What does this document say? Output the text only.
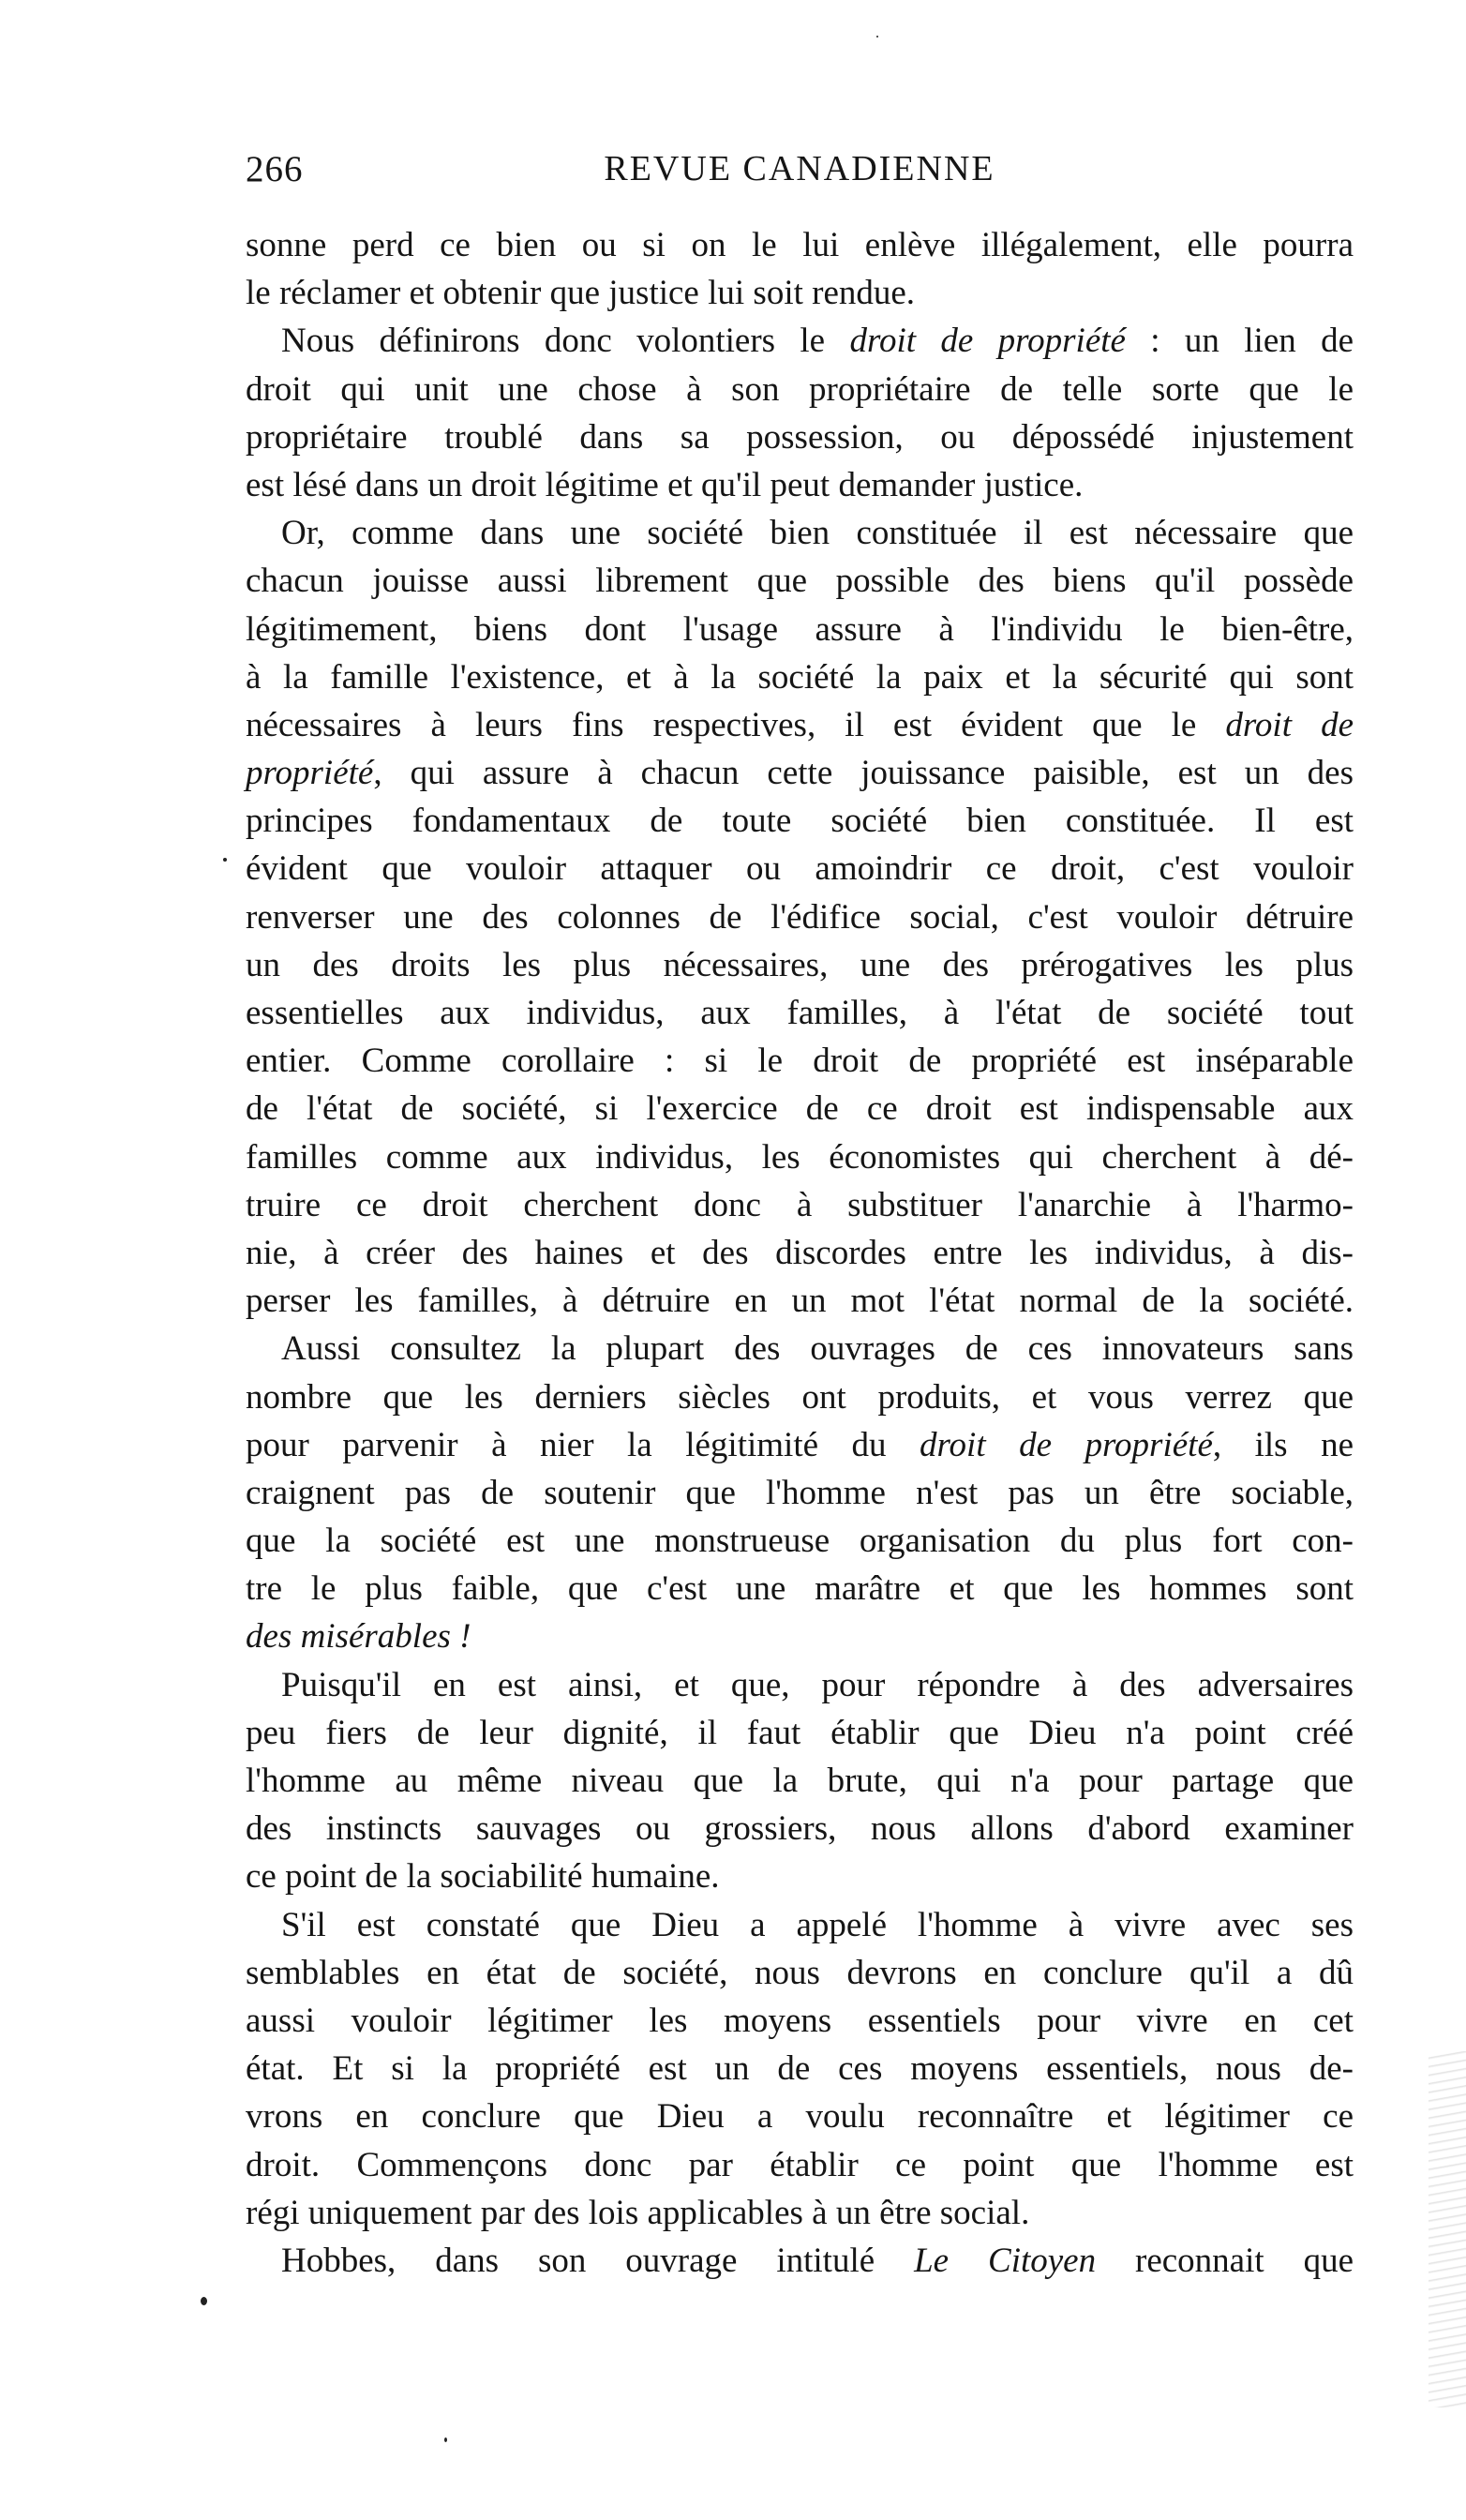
266	REVUE CANADIENNE
sonne perd ce bien ou si on le lui enlève illégalement, elle pourra
le réclamer et obtenir que justice lui soit rendue.
Nous définirons donc volontiers le droit de propriété : un lien de
droit qui unit une chose à son propriétaire de telle sorte que le
propriétaire troublé dans sa possession, ou dépossédé injustement
est lésé dans un droit légitime et qu'il peut demander justice.
Or, comme dans une société bien constituée il est nécessaire que
chacun jouisse aussi librement que possible des biens qu'il possède
légitimement, biens dont l'usage assure à l'individu le bien-être,
à la famille l'existence, et à la société la paix et la sécurité qui sont
nécessaires à leurs fins respectives, il est évident que le droit de
propriété, qui assure à chacun cette jouissance paisible, est un des
principes fondamentaux de toute société bien constituée. Il est
évident que vouloir attaquer ou amoindrir ce droit, c'est vouloir
renverser une des colonnes de l'édifice social, c'est vouloir détruire
un des droits les plus nécessaires, une des prérogatives les plus
essentielles aux individus, aux familles, à l'état de société tout
entier. Comme corollaire : si le droit de propriété est inséparable
de l'état de société, si l'exercice de ce droit est indispensable aux
familles comme aux individus, les économistes qui cherchent à dé-
truire ce droit cherchent donc à substituer l'anarchie à l'harmo-
nie, à créer des haines et des discordes entre les individus, à dis-
perser les familles, à détruire en un mot l'état normal de la société.
Aussi consultez la plupart des ouvrages de ces innovateurs sans
nombre que les derniers siècles ont produits, et vous verrez que
pour parvenir à nier la légitimité du droit de propriété, ils ne
craignent pas de soutenir que l'homme n'est pas un être sociable,
que la société est une monstrueuse organisation du plus fort con-
tre le plus faible, que c'est une marâtre et que les hommes sont
des misérables !
Puisqu'il en est ainsi, et que, pour répondre à des adversaires
peu fiers de leur dignité, il faut établir que Dieu n'a point créé
l'homme au même niveau que la brute, qui n'a pour partage que
des instincts sauvages ou grossiers, nous allons d'abord examiner
ce point de la sociabilité humaine.
S'il est constaté que Dieu a appelé l'homme à vivre avec ses
semblables en état de société, nous devrons en conclure qu'il a dû
aussi vouloir légitimer les moyens essentiels pour vivre en cet
état. Et si la propriété est un de ces moyens essentiels, nous de-
vrons en conclure que Dieu a voulu reconnaître et légitimer ce
droit. Commençons donc par établir ce point que l'homme est
régi uniquement par des lois applicables à un être social.
Hobbes, dans son ouvrage intitulé Le Citoyen reconnait que
